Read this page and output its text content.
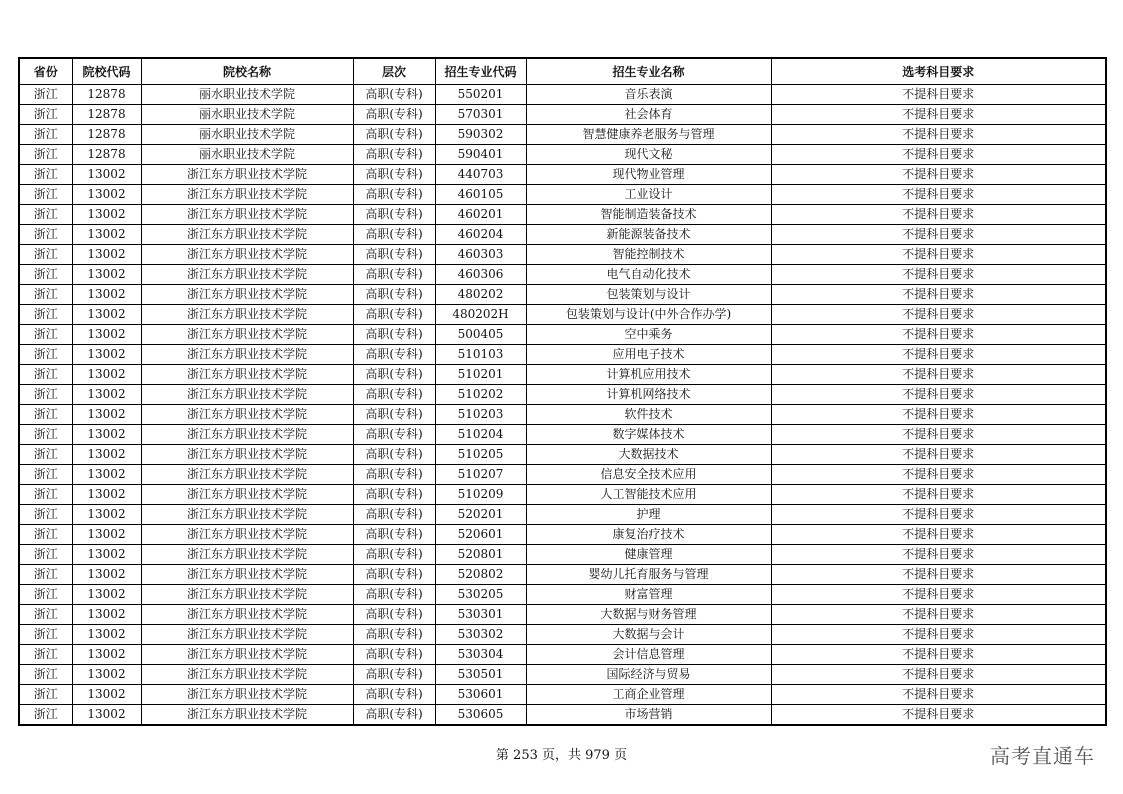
省份	院校代码	院校名称	层次	招生专业代码	招生专业名称	选考科目要求
浙江	12878	丽水职业技术学院	高职(专科)	550201	音乐表演	不提科目要求
浙江	12878	丽水职业技术学院	高职(专科)	570301	社会体育	不提科目要求
浙江	12878	丽水职业技术学院	高职(专科)	590302	智慧健康养老服务与管理	不提科目要求
浙江	12878	丽水职业技术学院	高职(专科)	590401	现代文秘	不提科目要求
浙江	13002	浙江东方职业技术学院	高职(专科)	440703	现代物业管理	不提科目要求
浙江	13002	浙江东方职业技术学院	高职(专科)	460105	工业设计	不提科目要求
浙江	13002	浙江东方职业技术学院	高职(专科)	460201	智能制造装备技术	不提科目要求
浙江	13002	浙江东方职业技术学院	高职(专科)	460204	新能源装备技术	不提科目要求
浙江	13002	浙江东方职业技术学院	高职(专科)	460303	智能控制技术	不提科目要求
浙江	13002	浙江东方职业技术学院	高职(专科)	460306	电气自动化技术	不提科目要求
浙江	13002	浙江东方职业技术学院	高职(专科)	480202	包装策划与设计	不提科目要求
浙江	13002	浙江东方职业技术学院	高职(专科)	480202H	包装策划与设计(中外合作办学)	不提科目要求
浙江	13002	浙江东方职业技术学院	高职(专科)	500405	空中乘务	不提科目要求
浙江	13002	浙江东方职业技术学院	高职(专科)	510103	应用电子技术	不提科目要求
浙江	13002	浙江东方职业技术学院	高职(专科)	510201	计算机应用技术	不提科目要求
浙江	13002	浙江东方职业技术学院	高职(专科)	510202	计算机网络技术	不提科目要求
浙江	13002	浙江东方职业技术学院	高职(专科)	510203	软件技术	不提科目要求
浙江	13002	浙江东方职业技术学院	高职(专科)	510204	数字媒体技术	不提科目要求
浙江	13002	浙江东方职业技术学院	高职(专科)	510205	大数据技术	不提科目要求
浙江	13002	浙江东方职业技术学院	高职(专科)	510207	信息安全技术应用	不提科目要求
浙江	13002	浙江东方职业技术学院	高职(专科)	510209	人工智能技术应用	不提科目要求
浙江	13002	浙江东方职业技术学院	高职(专科)	520201	护理	不提科目要求
浙江	13002	浙江东方职业技术学院	高职(专科)	520601	康复治疗技术	不提科目要求
浙江	13002	浙江东方职业技术学院	高职(专科)	520801	健康管理	不提科目要求
浙江	13002	浙江东方职业技术学院	高职(专科)	520802	婴幼儿托育服务与管理	不提科目要求
浙江	13002	浙江东方职业技术学院	高职(专科)	530205	财富管理	不提科目要求
浙江	13002	浙江东方职业技术学院	高职(专科)	530301	大数据与财务管理	不提科目要求
浙江	13002	浙江东方职业技术学院	高职(专科)	530302	大数据与会计	不提科目要求
浙江	13002	浙江东方职业技术学院	高职(专科)	530304	会计信息管理	不提科目要求
浙江	13002	浙江东方职业技术学院	高职(专科)	530501	国际经济与贸易	不提科目要求
浙江	13002	浙江东方职业技术学院	高职(专科)	530601	工商企业管理	不提科目要求
浙江	13002	浙江东方职业技术学院	高职(专科)	530605	市场营销	不提科目要求
第 253 页，共 979 页	高考直通车
